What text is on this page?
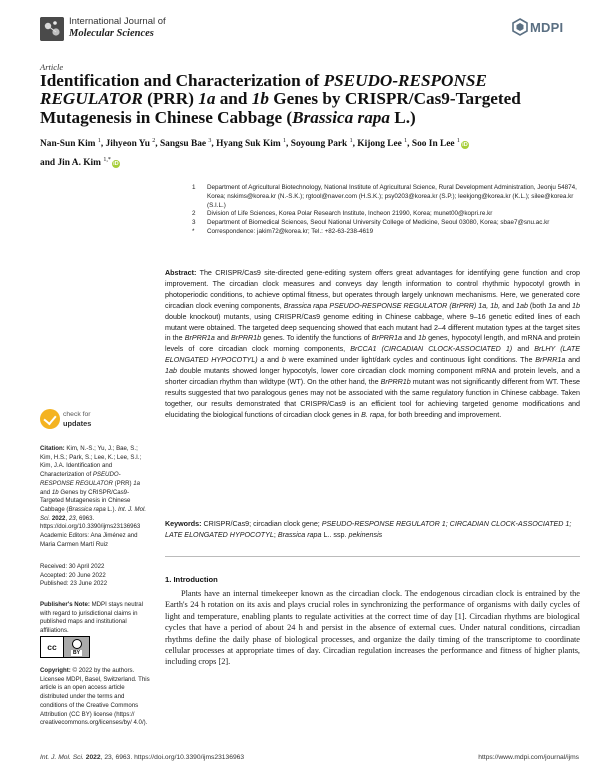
International Journal of
Molecular Sciences	MDPI
Article
Identification and Characterization of PSEUDO-RESPONSE REGULATOR (PRR) 1a and 1b Genes by CRISPR/Cas9-Targeted Mutagenesis in Chinese Cabbage (Brassica rapa L.)
Nan-Sun Kim $^1$, Jihyeon Yu $^2$, Sangsu Bae $^3$, Hyang Suk Kim $^1$, Soyoung Park $^1$, Kijong Lee $^1$, Soo In Lee $^1$iD
and Jin A. Kim $^{1,*}$iD
1	Department of Agricultural Biotechnology, National Institute of Agricultural Science, Rural Development Administration, Jeonju 54874, Korea; nskims@korea.kr (N.-S.K.); rgtool@naver.com (H.S.K.); psy0203@korea.kr (S.P.); leekjong@korea.kr (K.L.); silee@korea.kr (S.I.L.)
2	Division of Life Sciences, Korea Polar Research Institute, Incheon 21990, Korea; munet00@kopri.re.kr
3	Department of Biomedical Sciences, Seoul National University College of Medicine, Seoul 03080, Korea; sbae7@snu.ac.kr
*	Correspondence: jakim72@korea.kr; Tel.: +82-63-238-4619

Abstract: The CRISPR/Cas9 site-directed gene-editing system offers great advantages for identifying gene function and crop improvement. The circadian clock measures and conveys day length information to control rhythmic hypocotyl growth in photoperiodic conditions, to achieve optimal fitness, but operates through largely unknown mechanisms. Here, we generated core circadian clock evening components, Brassica rapa PSEUDO-RESPONSE REGULATOR (BrPRR) 1a, 1b, and 1ab (both 1a and 1b double knockout) mutants, using CRISPR/Cas9 genome editing in Chinese cabbage, where 9–16 genetic edited lines of each mutant were obtained. The targeted deep sequencing showed that each mutant had 2–4 different mutation types at the target sites in the BrPRR1a and BrPRR1b genes. To identify the functions of BrPRR1a and 1b genes, hypocotyl length, and mRNA and protein levels of core circadian clock morning components, BrCCA1 (CIRCADIAN CLOCK-ASSOCIATED 1) and BrLHY (LATE ELONGATED HYPOCOTYL) a and b were examined under light/dark cycles and continuous light conditions. The BrPRR1a and 1ab double mutants showed longer hypocotyls, lower core circadian clock morning component mRNA and protein levels, and a shorter circadian rhythm than wildtype (WT). On the other hand, the BrPRR1b mutant was not significantly different from WT. These results suggested that two paralogous genes may not be associated with the same regulatory function in Chinese cabbage. Taken together, our results demonstrated that CRISPR/Cas9 is an efficient tool for achieving targeted genome modifications and elucidating the biological functions of circadian clock genes in B. rapa, for both breeding and improvement.

Keywords: CRISPR/Cas9; circadian clock gene; PSEUDO-RESPONSE REGULATOR 1; CIRCADIAN CLOCK-ASSOCIATED 1; LATE ELONGATED HYPOCOTYL; Brassica rapa L.. ssp. pekinensis

1. Introduction

Plants have an internal timekeeper known as the circadian clock. The endogenous circadian clock is entrained by the Earth's 24 h rotation on its axis and plays crucial roles in synchronizing the performance of organisms with daily cycles of light and temperature, enabling plants to regulate activities at the correct time of day [1]. Circadian rhythms are biological cycles that have a period of about 24 h and persist in the absence of external cues. Under natural conditions, circadian rhythms define the daily phase of biological processes, and organize the daily timing of the transcriptome to coordinate cellular processes at appropriate times of day. Circadian regulation increases the performance and fitness of higher plants, including crops [2].

check for
updates

Citation: Kim, N.-S.; Yu, J.; Bae, S.; Kim, H.S.; Park, S.; Lee, K.; Lee, S.I.; Kim, J.A. Identification and Characterization of PSEUDO-RESPONSE REGULATOR (PRR) 1a and 1b Genes by CRISPR/Cas9-Targeted Mutagenesis in Chinese Cabbage (Brassica rapa L.). Int. J. Mol. Sci. 2022, 23, 6963. https://doi.org/10.3390/ijms23136963

Academic Editors: Ana Jiménez and Maria Carmen Martí Ruiz

Received: 30 April 2022
Accepted: 20 June 2022
Published: 23 June 2022

Publisher's Note: MDPI stays neutral with regard to jurisdictional claims in published maps and institutional affiliations.

cc
BY

Copyright: © 2022 by the authors. Licensee MDPI, Basel, Switzerland. This article is an open access article distributed under the terms and conditions of the Creative Commons Attribution (CC BY) license (https:// creativecommons.org/licenses/by/ 4.0/).

Int. J. Mol. Sci. 2022, 23, 6963. https://doi.org/10.3390/ijms23136963	https://www.mdpi.com/journal/ijms
